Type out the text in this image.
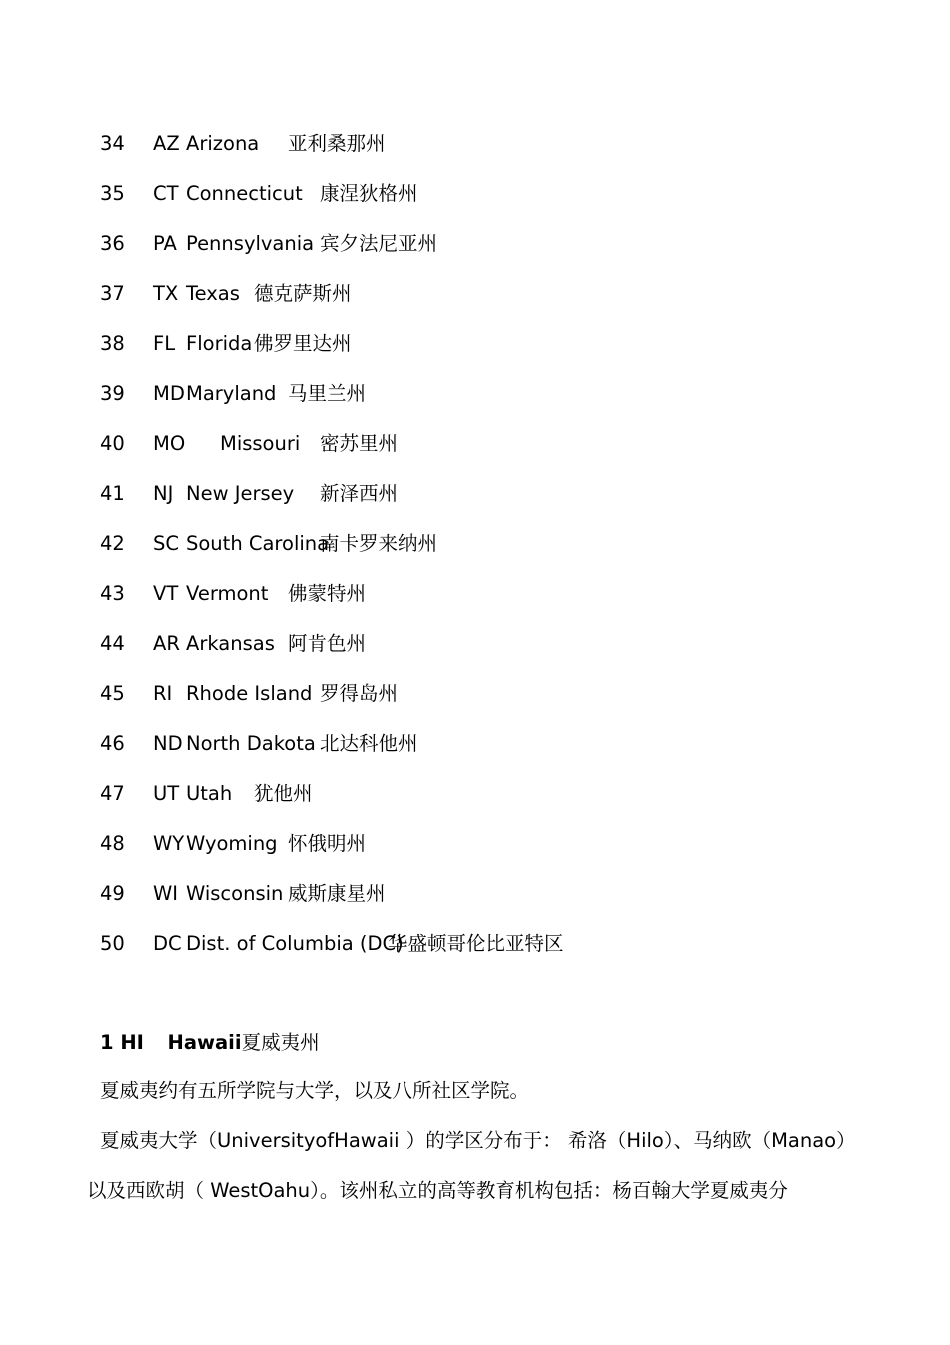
34 AZ Arizona 亚利桑那州
35 CT Connecticut 康涅狄格州
36 PA Pennsylvania 宾夕法尼亚州
37 TX Texas 德克萨斯州
38 FL Florida 佛罗里达州
39 MD Maryland 马里兰州
40 MO Missouri 密苏里州
41 NJ New Jersey 新泽西州
42 SC South Carolina
南卡罗来纳州
43 VT Vermont 佛蒙特州
44 AR Arkansas 阿肯色州
45 RI Rhode Island 罗得岛州
46 ND North Dakota 北达科他州
47 UT Utah 犹他州
48 WY Wyoming 怀俄明州
49 WI Wisconsin 威斯康星州
50 DC Dist. of Columbia (DC)
华盛顿哥伦比亚特区
1 HI Hawaii夏威夷州
夏威夷约有五所学院与大学，以及八所社区学院。
夏威夷大学（UniversityofHawaii ）的学区分布于： 希洛（Hilo）、马纳欧（Manao）
以及西欧胡（ WestOahu）。该州私立的高等教育机构包括：杨百翰大学夏威夷分
